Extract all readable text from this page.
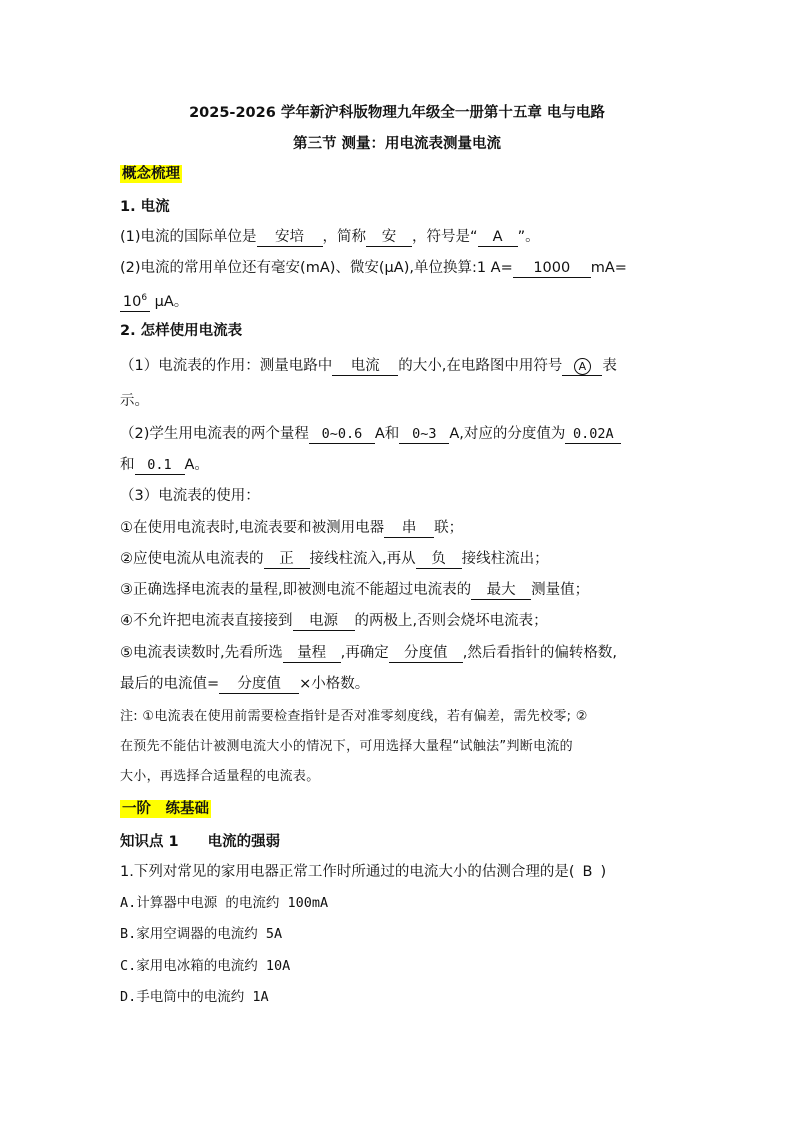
2025-2026 学年新沪科版物理九年级全一册第十五章 电与电路
第三节 测量：用电流表测量电流
概念梳理
1. 电流
(1)电流的国际单位是 安培 ，简称 安 ，符号是“ A ”。
(2)电流的常用单位还有毫安(mA)、微安(μA),单位换算:1 A= 1000 mA=
$10^6$ μA。
2. 怎样使用电流表
（1）电流表的作用：测量电路中 电流 的大小,在电路图中用符号 A 表
示。
（2)学生用电流表的两个量程 0~0.6 A和 0~3 A,对应的分度值为 0.02A
和 0.1 A。
（3）电流表的使用：
①在使用电流表时,电流表要和被测用电器 串 联；
②应使电流从电流表的 正 接线柱流入,再从 负 接线柱流出；
③正确选择电流表的量程,即被测电流不能超过电流表的 最大 测量值；
④不允许把电流表直接接到 电源 的两极上,否则会烧坏电流表；
⑤电流表读数时,先看所选 量程 ,再确定 分度值 ,然后看指针的偏转格数,
最后的电流值= 分度值 ×小格数。
注: ①电流表在使用前需要检查指针是否对准零刻度线，若有偏差，需先校零; ②
在预先不能估计被测电流大小的情况下，可用选择大量程“试触法”判断电流的
大小，再选择合适量程的电流表。
一阶　练基础
知识点 1　　电流的强弱
1.下列对常见的家用电器正常工作时所通过的电流大小的估测合理的是( B )
A.计算器中电源 的电流约 100mA
B.家用空调器的电流约 5A
C.家用电冰箱的电流约 10A
D.手电筒中的电流约 1A
